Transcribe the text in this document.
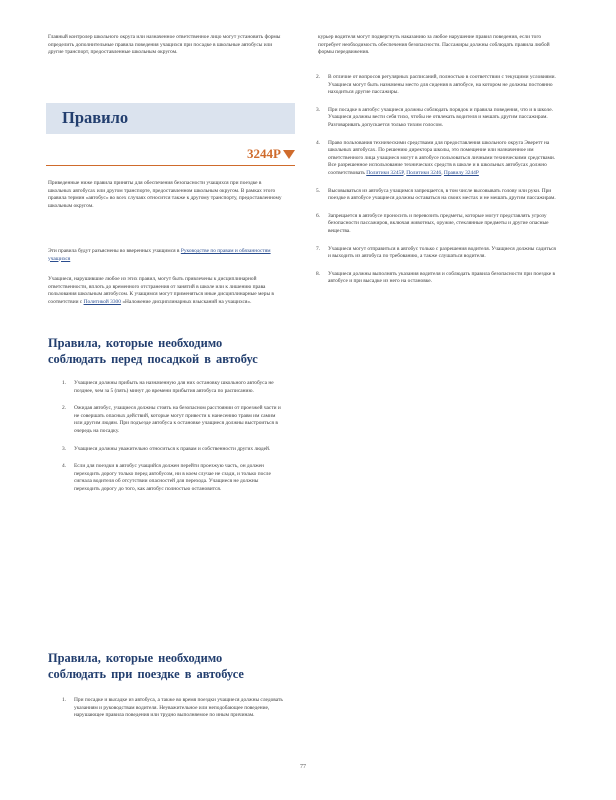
Главный контролер школьного округа или назначенное ответственное лицо могут установить формы определить дополнительные правила поведения учащихся при посадке в школьные автобусы или другие транспорт, предоставленные школьным округом.

Правило

3244Р

Приведенные ниже правила приняты для обеспечения безопасности учащихся при поездке в школьных автобусах или другом транспорте, предоставленном школьным округом. В рамках этого правила термин «автобус» во всех случаях относится также к другому транспорту, предоставленному школьным округом.

Эти правила будут разъяснены во вверенных учащимся в Руководстве по правам и обязанностям учащихся

Учащиеся, нарушившие любое из этих правил, могут быть привлечены к дисциплинарной ответственности, вплоть до временного отстранения от занятий в школе или к лишению права пользования школьным автобусом. К учащимся могут применяться иные дисциплинарные меры в соответствии с Политикой 3300 «Наложение дисциплинарных взысканий на учащихся».

Правила, которые необходимо соблюдать перед посадкой в автобус

1. Учащиеся должны прибыть на назначенную для них остановку школьного автобуса не позднее, чем за 5 (пять) минут до времени прибытия автобуса по расписанию.
2. Ожидая автобус, учащиеся должны стоять на безопасном расстоянии от проезжей части и не совершать опасных действий, которые могут привести к нанесению травм им самим или другим людям. При подъезде автобуса к остановке учащиеся должны выстроиться в очередь на посадку.
3. Учащиеся должны уважительно относиться к правам и собственности других людей.
4. Если для поездки в автобус учащийся должен перейти проезжую часть, он должен переходить дорогу только перед автобусом, ни в коем случае не сзади, и только после сигнала водителя об отсутствии опасностей для перехода. Учащиеся не должны переходить дорогу до того, как автобус полностью остановится.

Правила, которые необходимо соблюдать при поездке в автобусе

1. При посадке и высадке из автобуса, а также во время поездки учащиеся должны следовать указаниям и руководствам водителя. Неуважительное или неподобающее поведение, нарушающее правила поведения или трудно выполняемое по иным причинам.

курьер водителя могут подвергнуть наказанию за любое нарушение правил поведения, если того потребует необходимость обеспечения безопасности. Пассажиры должны соблюдать правила любой формы передвижения.

2. В отличие от вопросов регулярных расписаний, полностью в соответствии с текущими условиями. Учащиеся могут быть назначены место для сидения в автобусе, на котором не должны постоянно находиться другие пассажиры.
3. При посадке в автобус учащиеся должны соблюдать порядок и правила поведения, что и в школе. Учащиеся должны вести себя тихо, чтобы не отвлекать водителя и мешать другим пассажирам. Разговаривать допускается только тихим голосом.
4. Право пользования техническими средствами для предоставления школьного округа Эверетт на школьных автобусах. По решению директора школы, это помещение или назначенное им ответственного лица учащиеся могут в автобусе пользоваться личными техническими средствами. Все разрешенное использование технических средств в школе и в школьных автобусах должно соответствовать Политики 3245Р, Политики 3246, Правилу 3244Р
5. Высовываться из автобуса учащимся запрещается, в том числе высовывать голову или руки. При поездке в автобусе учащиеся должны оставаться на своих местах и не мешать другим пассажирам.
6. Запрещается в автобусе проносить и перевозить предметы, которые могут представлять угрозу безопасности пассажиров, включая животных, оружие, стеклянные предметы и другие опасные вещества.
7. Учащиеся могут отправиться в автобус только с разрешения водителя. Учащиеся должны садиться и выходить из автобуса по требованию, а также слушаться водителя.
8. Учащиеся должны выполнять указания водителя и соблюдать правила безопасности при поездке в автобусе и при высадке из него на остановке.

77
